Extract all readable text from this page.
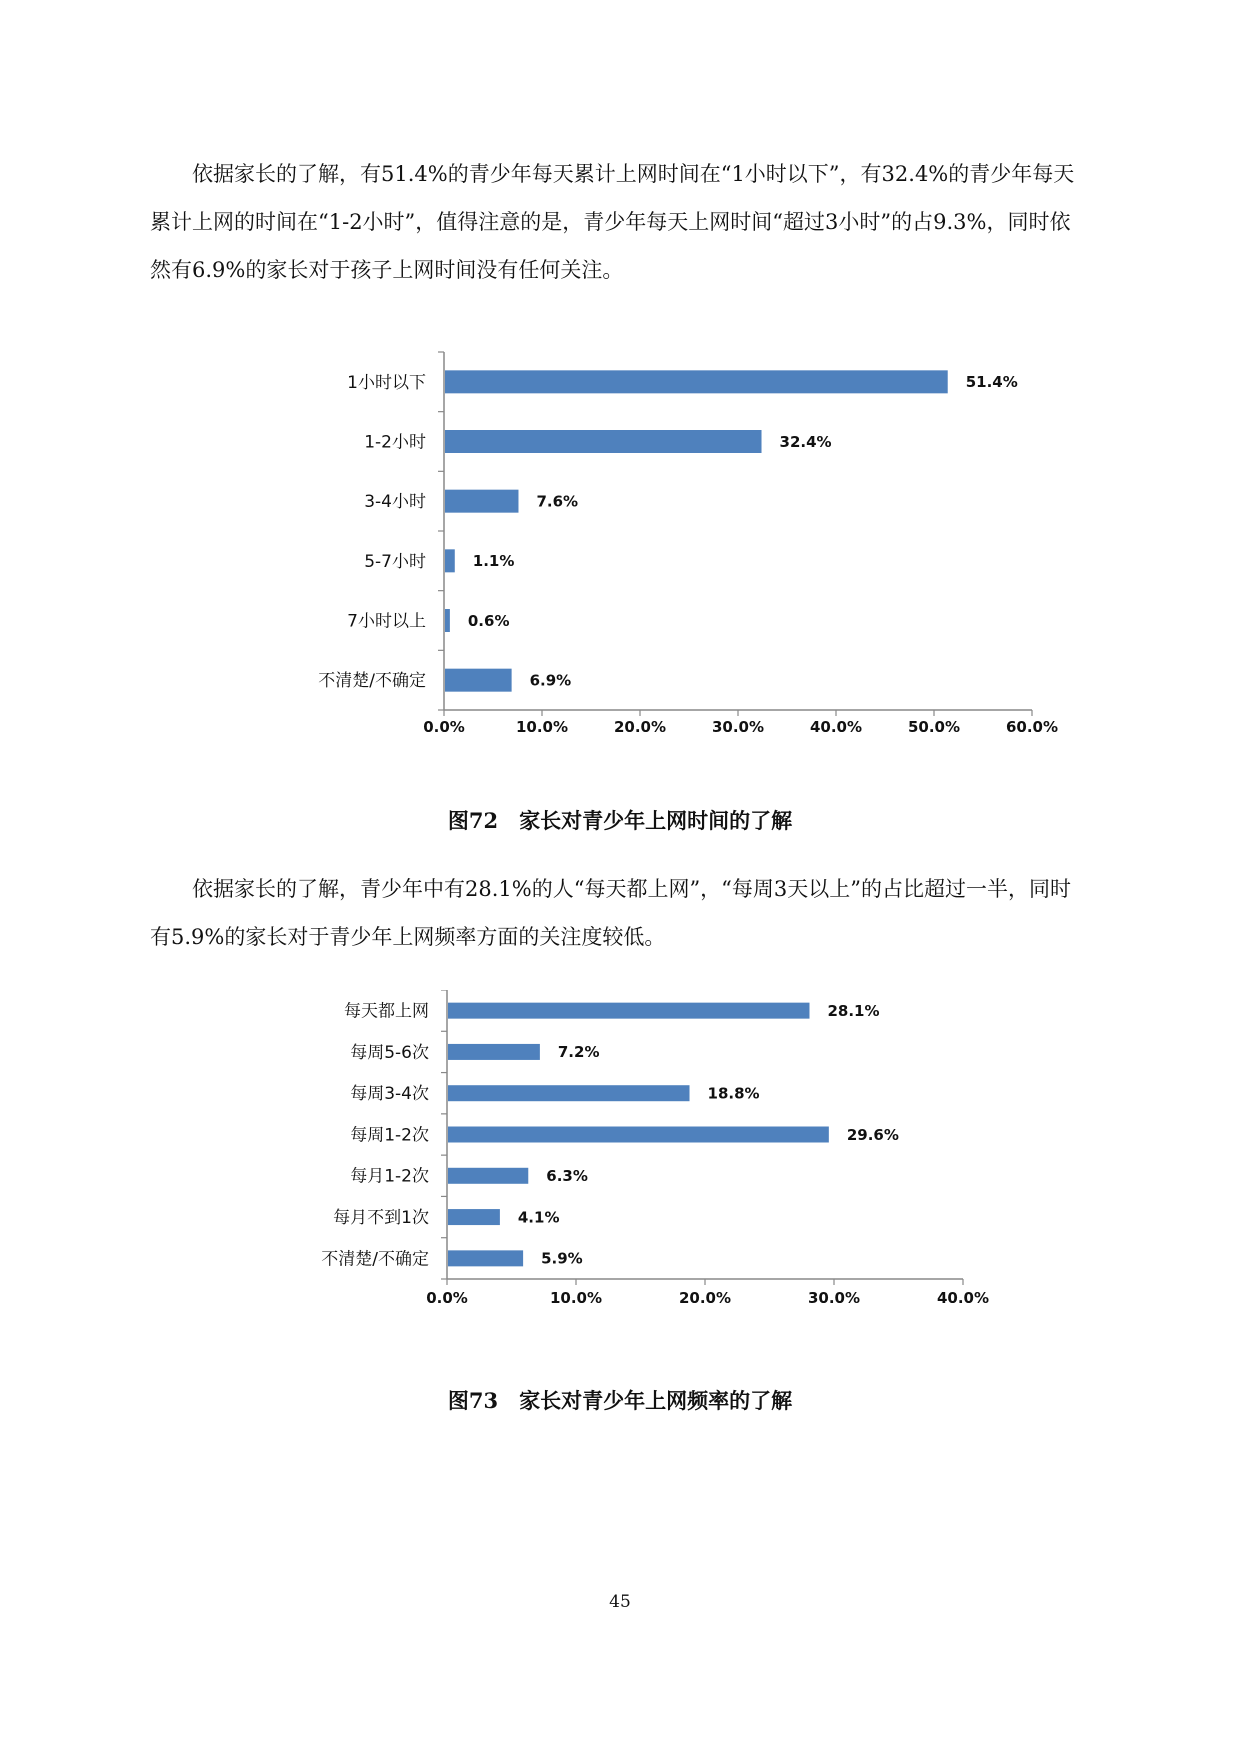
依据家长的了解，有51.4%的青少年每天累计上网时间在“1小时以下”，有32.4%的青少年每天累计上网的时间在“1-2小时”，值得注意的是，青少年每天上网时间“超过3小时”的占9.3%，同时依然有6.9%的家长对于孩子上网时间没有任何关注。

0.0%	10.0%	20.0%	30.0%	40.0%	50.0%	60.0%
1小时以下	51.4%
1-2小时	32.4%
3-4小时	7.6%
5-7小时	1.1%
7小时以上	0.6%
不清楚/不确定	6.9%

图72　家长对青少年上网时间的了解

依据家长的了解，青少年中有28.1%的人“每天都上网”，“每周3天以上”的占比超过一半，同时有5.9%的家长对于青少年上网频率方面的关注度较低。

0.0%	10.0%	20.0%	30.0%	40.0%
每天都上网	28.1%
每周5-6次	7.2%
每周3-4次	18.8%
每周1-2次	29.6%
每月1-2次	6.3%
每月不到1次	4.1%
不清楚/不确定	5.9%

图73　家长对青少年上网频率的了解

45
